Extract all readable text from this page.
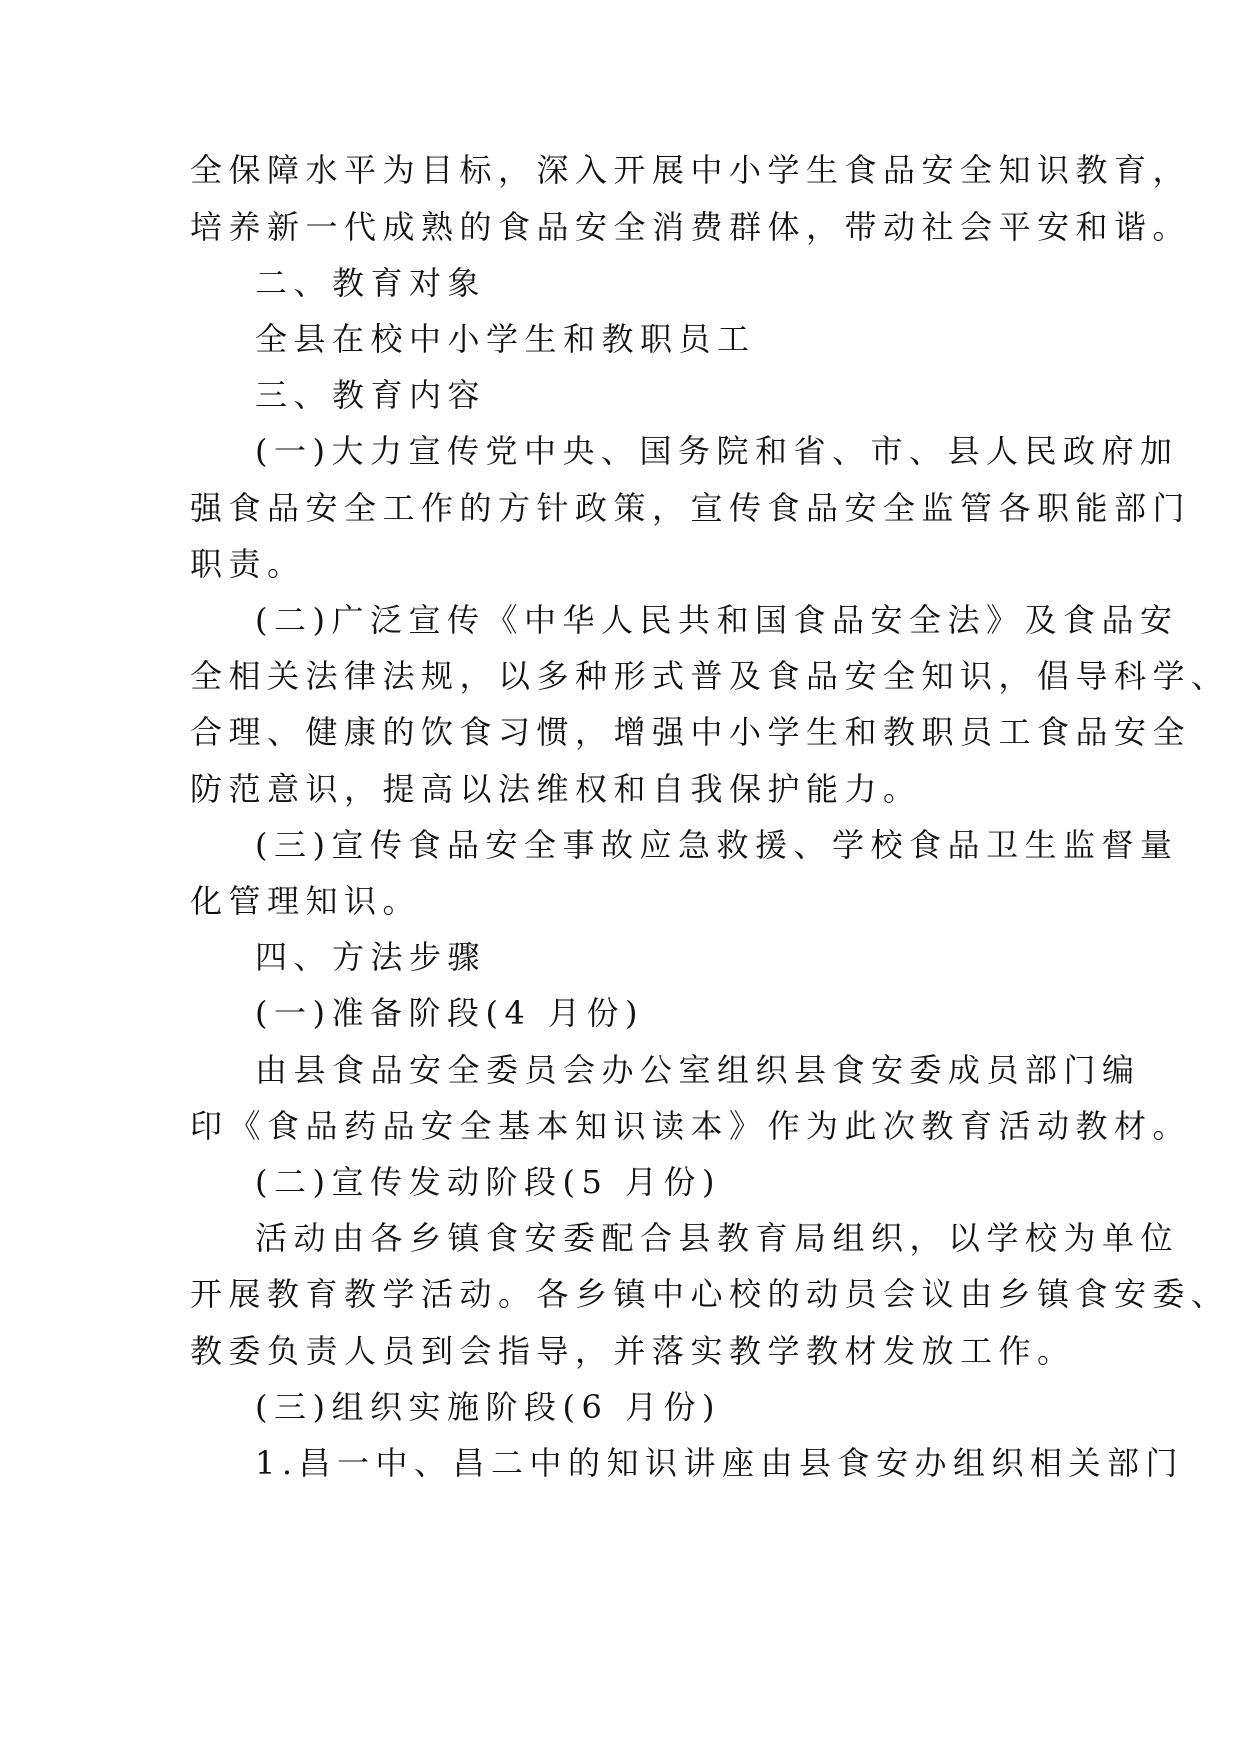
全保障水平为目标，深入开展中小学生食品安全知识教育，
培养新一代成熟的食品安全消费群体，带动社会平安和谐。
二、教育对象
全县在校中小学生和教职员工
三、教育内容
(一)大力宣传党中央、国务院和省、市、县人民政府加
强食品安全工作的方针政策，宣传食品安全监管各职能部门
职责。
(二)广泛宣传《中华人民共和国食品安全法》及食品安
全相关法律法规，以多种形式普及食品安全知识，倡导科学、
合理、健康的饮食习惯，增强中小学生和教职员工食品安全
防范意识，提高以法维权和自我保护能力。
(三)宣传食品安全事故应急救援、学校食品卫生监督量
化管理知识。
四、方法步骤
(一)准备阶段(4 月份)
由县食品安全委员会办公室组织县食安委成员部门编
印《食品药品安全基本知识读本》作为此次教育活动教材。
(二)宣传发动阶段(5 月份)
活动由各乡镇食安委配合县教育局组织，以学校为单位
开展教育教学活动。各乡镇中心校的动员会议由乡镇食安委、
教委负责人员到会指导，并落实教学教材发放工作。
(三)组织实施阶段(6 月份)
1.昌一中、昌二中的知识讲座由县食安办组织相关部门
